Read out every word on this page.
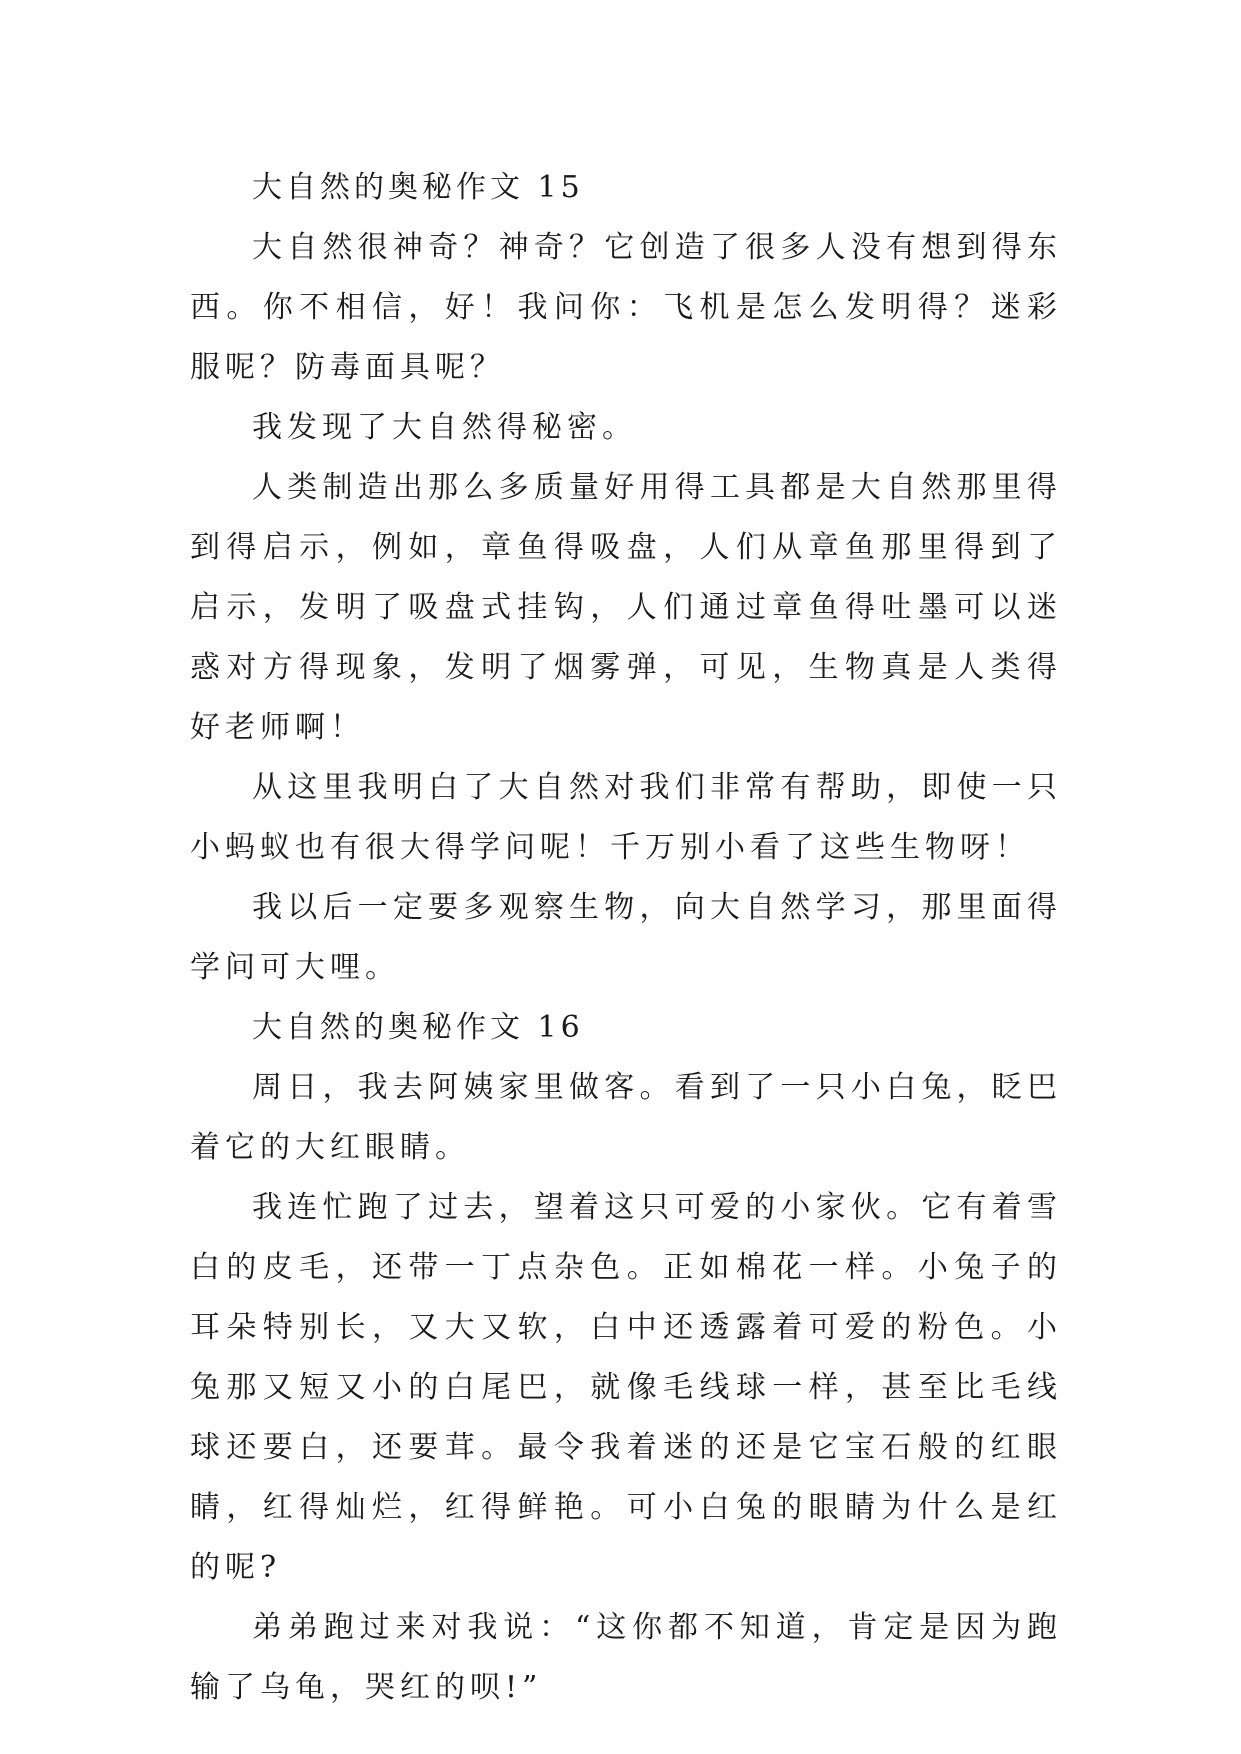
大自然的奥秘作文 15

大自然很神奇？神奇？它创造了很多人没有想到得东西。你不相信，好！我问你：飞机是怎么发明得？迷彩服呢？防毒面具呢？

我发现了大自然得秘密。

人类制造出那么多质量好用得工具都是大自然那里得到得启示，例如，章鱼得吸盘，人们从章鱼那里得到了启示，发明了吸盘式挂钩，人们通过章鱼得吐墨可以迷惑对方得现象，发明了烟雾弹，可见，生物真是人类得好老师啊！

从这里我明白了大自然对我们非常有帮助，即使一只小蚂蚁也有很大得学问呢！千万别小看了这些生物呀！

我以后一定要多观察生物，向大自然学习，那里面得学问可大哩。

大自然的奥秘作文 16

周日，我去阿姨家里做客。看到了一只小白兔，眨巴着它的大红眼睛。

我连忙跑了过去，望着这只可爱的小家伙。它有着雪白的皮毛，还带一丁点杂色。正如棉花一样。小兔子的耳朵特别长，又大又软，白中还透露着可爱的粉色。小兔那又短又小的白尾巴，就像毛线球一样，甚至比毛线球还要白，还要茸。最令我着迷的还是它宝石般的红眼睛，红得灿烂，红得鲜艳。可小白兔的眼睛为什么是红的呢?

弟弟跑过来对我说：“这你都不知道，肯定是因为跑输了乌龟，哭红的呗!”
